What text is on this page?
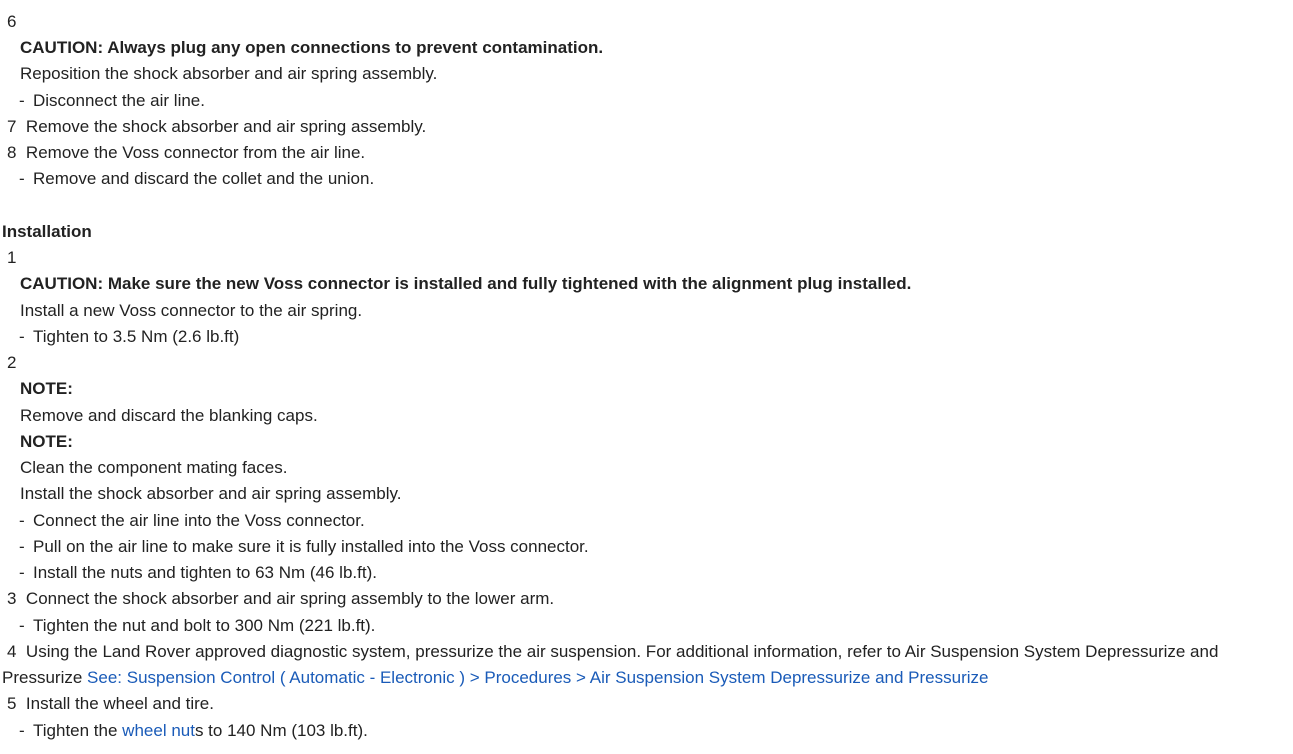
6
CAUTION: Always plug any open connections to prevent contamination.
Reposition the shock absorber and air spring assembly.
- Disconnect the air line.
7 Remove the shock absorber and air spring assembly.
8 Remove the Voss connector from the air line.
- Remove and discard the collet and the union.
Installation
1
CAUTION: Make sure the new Voss connector is installed and fully tightened with the alignment plug installed.
Install a new Voss connector to the air spring.
- Tighten to 3.5 Nm (2.6 lb.ft)
2
NOTE:
Remove and discard the blanking caps.
NOTE:
Clean the component mating faces.
Install the shock absorber and air spring assembly.
- Connect the air line into the Voss connector.
- Pull on the air line to make sure it is fully installed into the Voss connector.
- Install the nuts and tighten to 63 Nm (46 lb.ft).
3 Connect the shock absorber and air spring assembly to the lower arm.
- Tighten the nut and bolt to 300 Nm (221 lb.ft).
4 Using the Land Rover approved diagnostic system, pressurize the air suspension. For additional information, refer to Air Suspension System Depressurize and
Pressurize See: Suspension Control ( Automatic - Electronic ) > Procedures > Air Suspension System Depressurize and Pressurize
5 Install the wheel and tire.
- Tighten the wheel nuts to 140 Nm (103 lb.ft).
